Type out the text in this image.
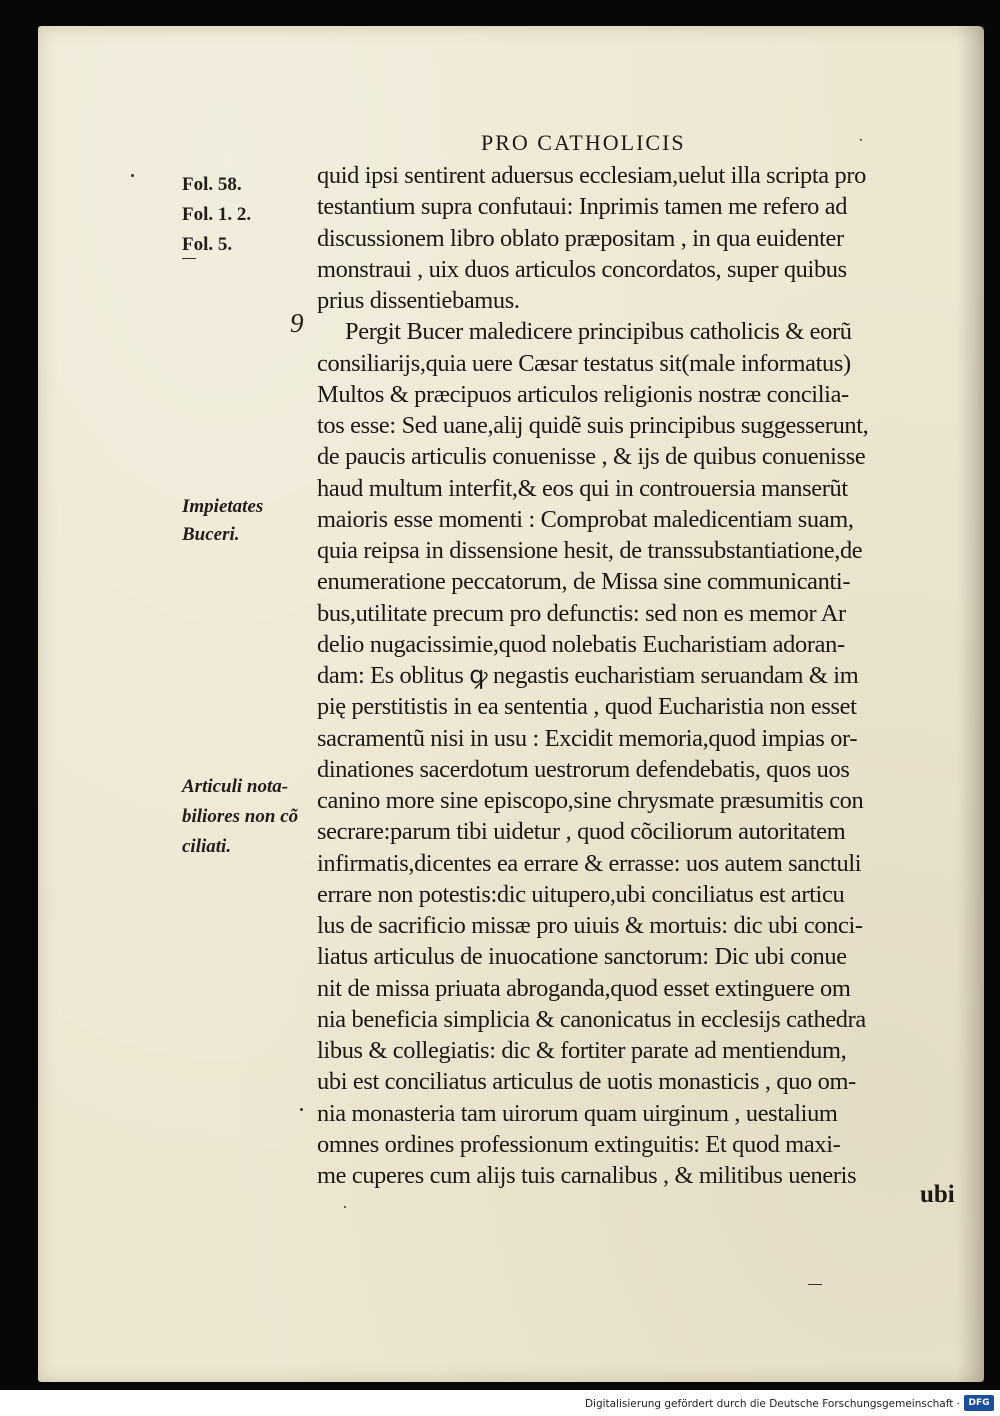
PRO CATHOLICIS	·
Fol. 58.
Fol. 1. 2.
Fol. 5.
Impietates
Buceri.
Articuli nota-
biliores non cõ
ciliati.
9
quid ipsi sentirent aduersus ecclesiam,uelut illa scripta pro
testantium supra confutaui: Inprimis tamen me refero ad
discussionem libro oblato præpositam , in qua euidenter
monstraui , uix duos articulos concordatos, super quibus
prius dissentiebamus.
Pergit Bucer maledicere principibus catholicis & eorũ
consiliarijs,quia uere Cæsar testatus sit(male informatus)
Multos & præcipuos articulos religionis nostræ concilia-
tos esse: Sed uane,alij quidẽ suis principibus suggesserunt,
de paucis articulis conuenisse , & ijs de quibus conuenisse
haud multum interfit,& eos qui in controuersia manserũt
maioris esse momenti : Comprobat maledicentiam suam,
quia reipsa in dissensione hesit, de transsubstantiatione,de
enumeratione peccatorum, de Missa sine communicanti-
bus,utilitate precum pro defunctis: sed non es memor Ar
delio nugacissimie,quod nolebatis Eucharistiam adoran-
dam: Es oblitus ꝙ negastis eucharistiam seruandam & im
pię perstitistis in ea sententia , quod Eucharistia non esset
sacramentũ nisi in usu : Excidit memoria,quod impias or-
dinationes sacerdotum uestrorum defendebatis, quos uos
canino more sine episcopo,sine chrysmate præsumitis con
secrare:parum tibi uidetur , quod cõciliorum autoritatem
infirmatis,dicentes ea errare & errasse: uos autem sanctuli
errare non potestis:dic uitupero,ubi conciliatus est articu
lus de sacrificio missæ pro uiuis & mortuis: dic ubi conci-
liatus articulus de inuocatione sanctorum: Dic ubi conue
nit de missa priuata abroganda,quod esset extinguere om
nia beneficia simplicia & canonicatus in ecclesijs cathedra
libus & collegiatis: dic & fortiter parate ad mentiendum,
ubi est conciliatus articulus de uotis monasticis , quo om-
nia monasteria tam uirorum quam uirginum , uestalium
omnes ordines professionum extinguitis: Et quod maxi-
me cuperes cum alijs tuis carnalibus , & militibus ueneris
ubi
Digitalisierung gefördert durch die Deutsche Forschungsgemeinschaft · DFG
